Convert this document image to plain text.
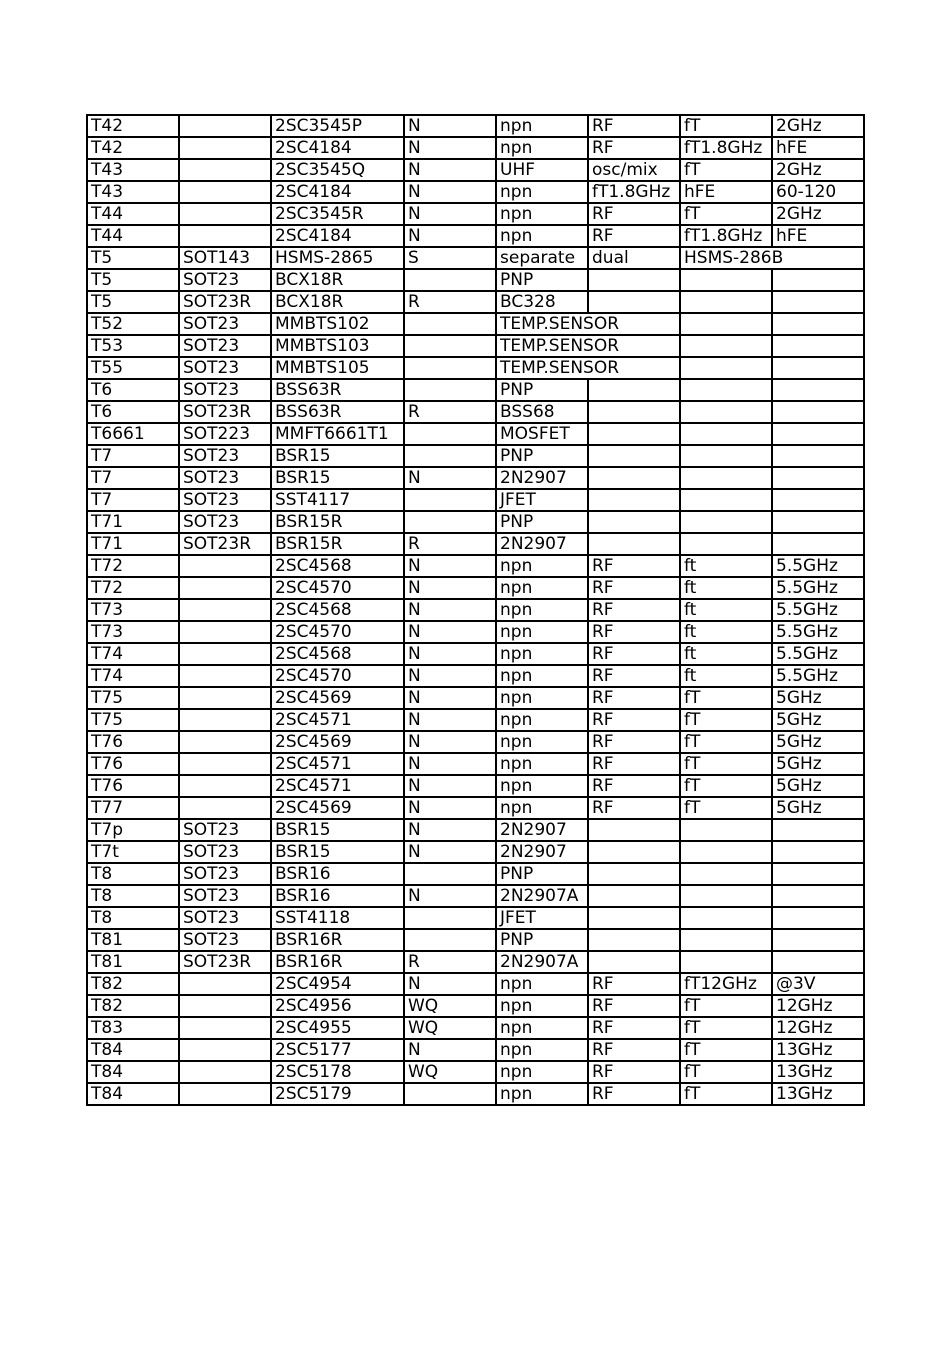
T42		2SC3545P	N	npn	RF	fT	2GHz
T42		2SC4184	N	npn	RF	fT1.8GHz	hFE
T43		2SC3545Q	N	UHF	osc/mix	fT	2GHz
T43		2SC4184	N	npn	fT1.8GHz	hFE	60-120
T44		2SC3545R	N	npn	RF	fT	2GHz
T44		2SC4184	N	npn	RF	fT1.8GHz	hFE
T5	SOT143	HSMS-2865	S	separate	dual	HSMS-286B	
T5	SOT23	BCX18R		PNP			
T5	SOT23R	BCX18R	R	BC328			
T52	SOT23	MMBTS102		TEMP.SENSOR			
T53	SOT23	MMBTS103		TEMP.SENSOR			
T55	SOT23	MMBTS105		TEMP.SENSOR			
T6	SOT23	BSS63R		PNP			
T6	SOT23R	BSS63R	R	BSS68			
T6661	SOT223	MMFT6661T1		MOSFET			
T7	SOT23	BSR15		PNP			
T7	SOT23	BSR15	N	2N2907			
T7	SOT23	SST4117		JFET			
T71	SOT23	BSR15R		PNP			
T71	SOT23R	BSR15R	R	2N2907			
T72		2SC4568	N	npn	RF	ft	5.5GHz
T72		2SC4570	N	npn	RF	ft	5.5GHz
T73		2SC4568	N	npn	RF	ft	5.5GHz
T73		2SC4570	N	npn	RF	ft	5.5GHz
T74		2SC4568	N	npn	RF	ft	5.5GHz
T74		2SC4570	N	npn	RF	ft	5.5GHz
T75		2SC4569	N	npn	RF	fT	5GHz
T75		2SC4571	N	npn	RF	fT	5GHz
T76		2SC4569	N	npn	RF	fT	5GHz
T76		2SC4571	N	npn	RF	fT	5GHz
T76		2SC4571	N	npn	RF	fT	5GHz
T77		2SC4569	N	npn	RF	fT	5GHz
T7p	SOT23	BSR15	N	2N2907			
T7t	SOT23	BSR15	N	2N2907			
T8	SOT23	BSR16		PNP			
T8	SOT23	BSR16	N	2N2907A			
T8	SOT23	SST4118		JFET			
T81	SOT23	BSR16R		PNP			
T81	SOT23R	BSR16R	R	2N2907A			
T82		2SC4954	N	npn	RF	fT12GHz	@3V
T82		2SC4956	WQ	npn	RF	fT	12GHz
T83		2SC4955	WQ	npn	RF	fT	12GHz
T84		2SC5177	N	npn	RF	fT	13GHz
T84		2SC5178	WQ	npn	RF	fT	13GHz
T84		2SC5179		npn	RF	fT	13GHz
